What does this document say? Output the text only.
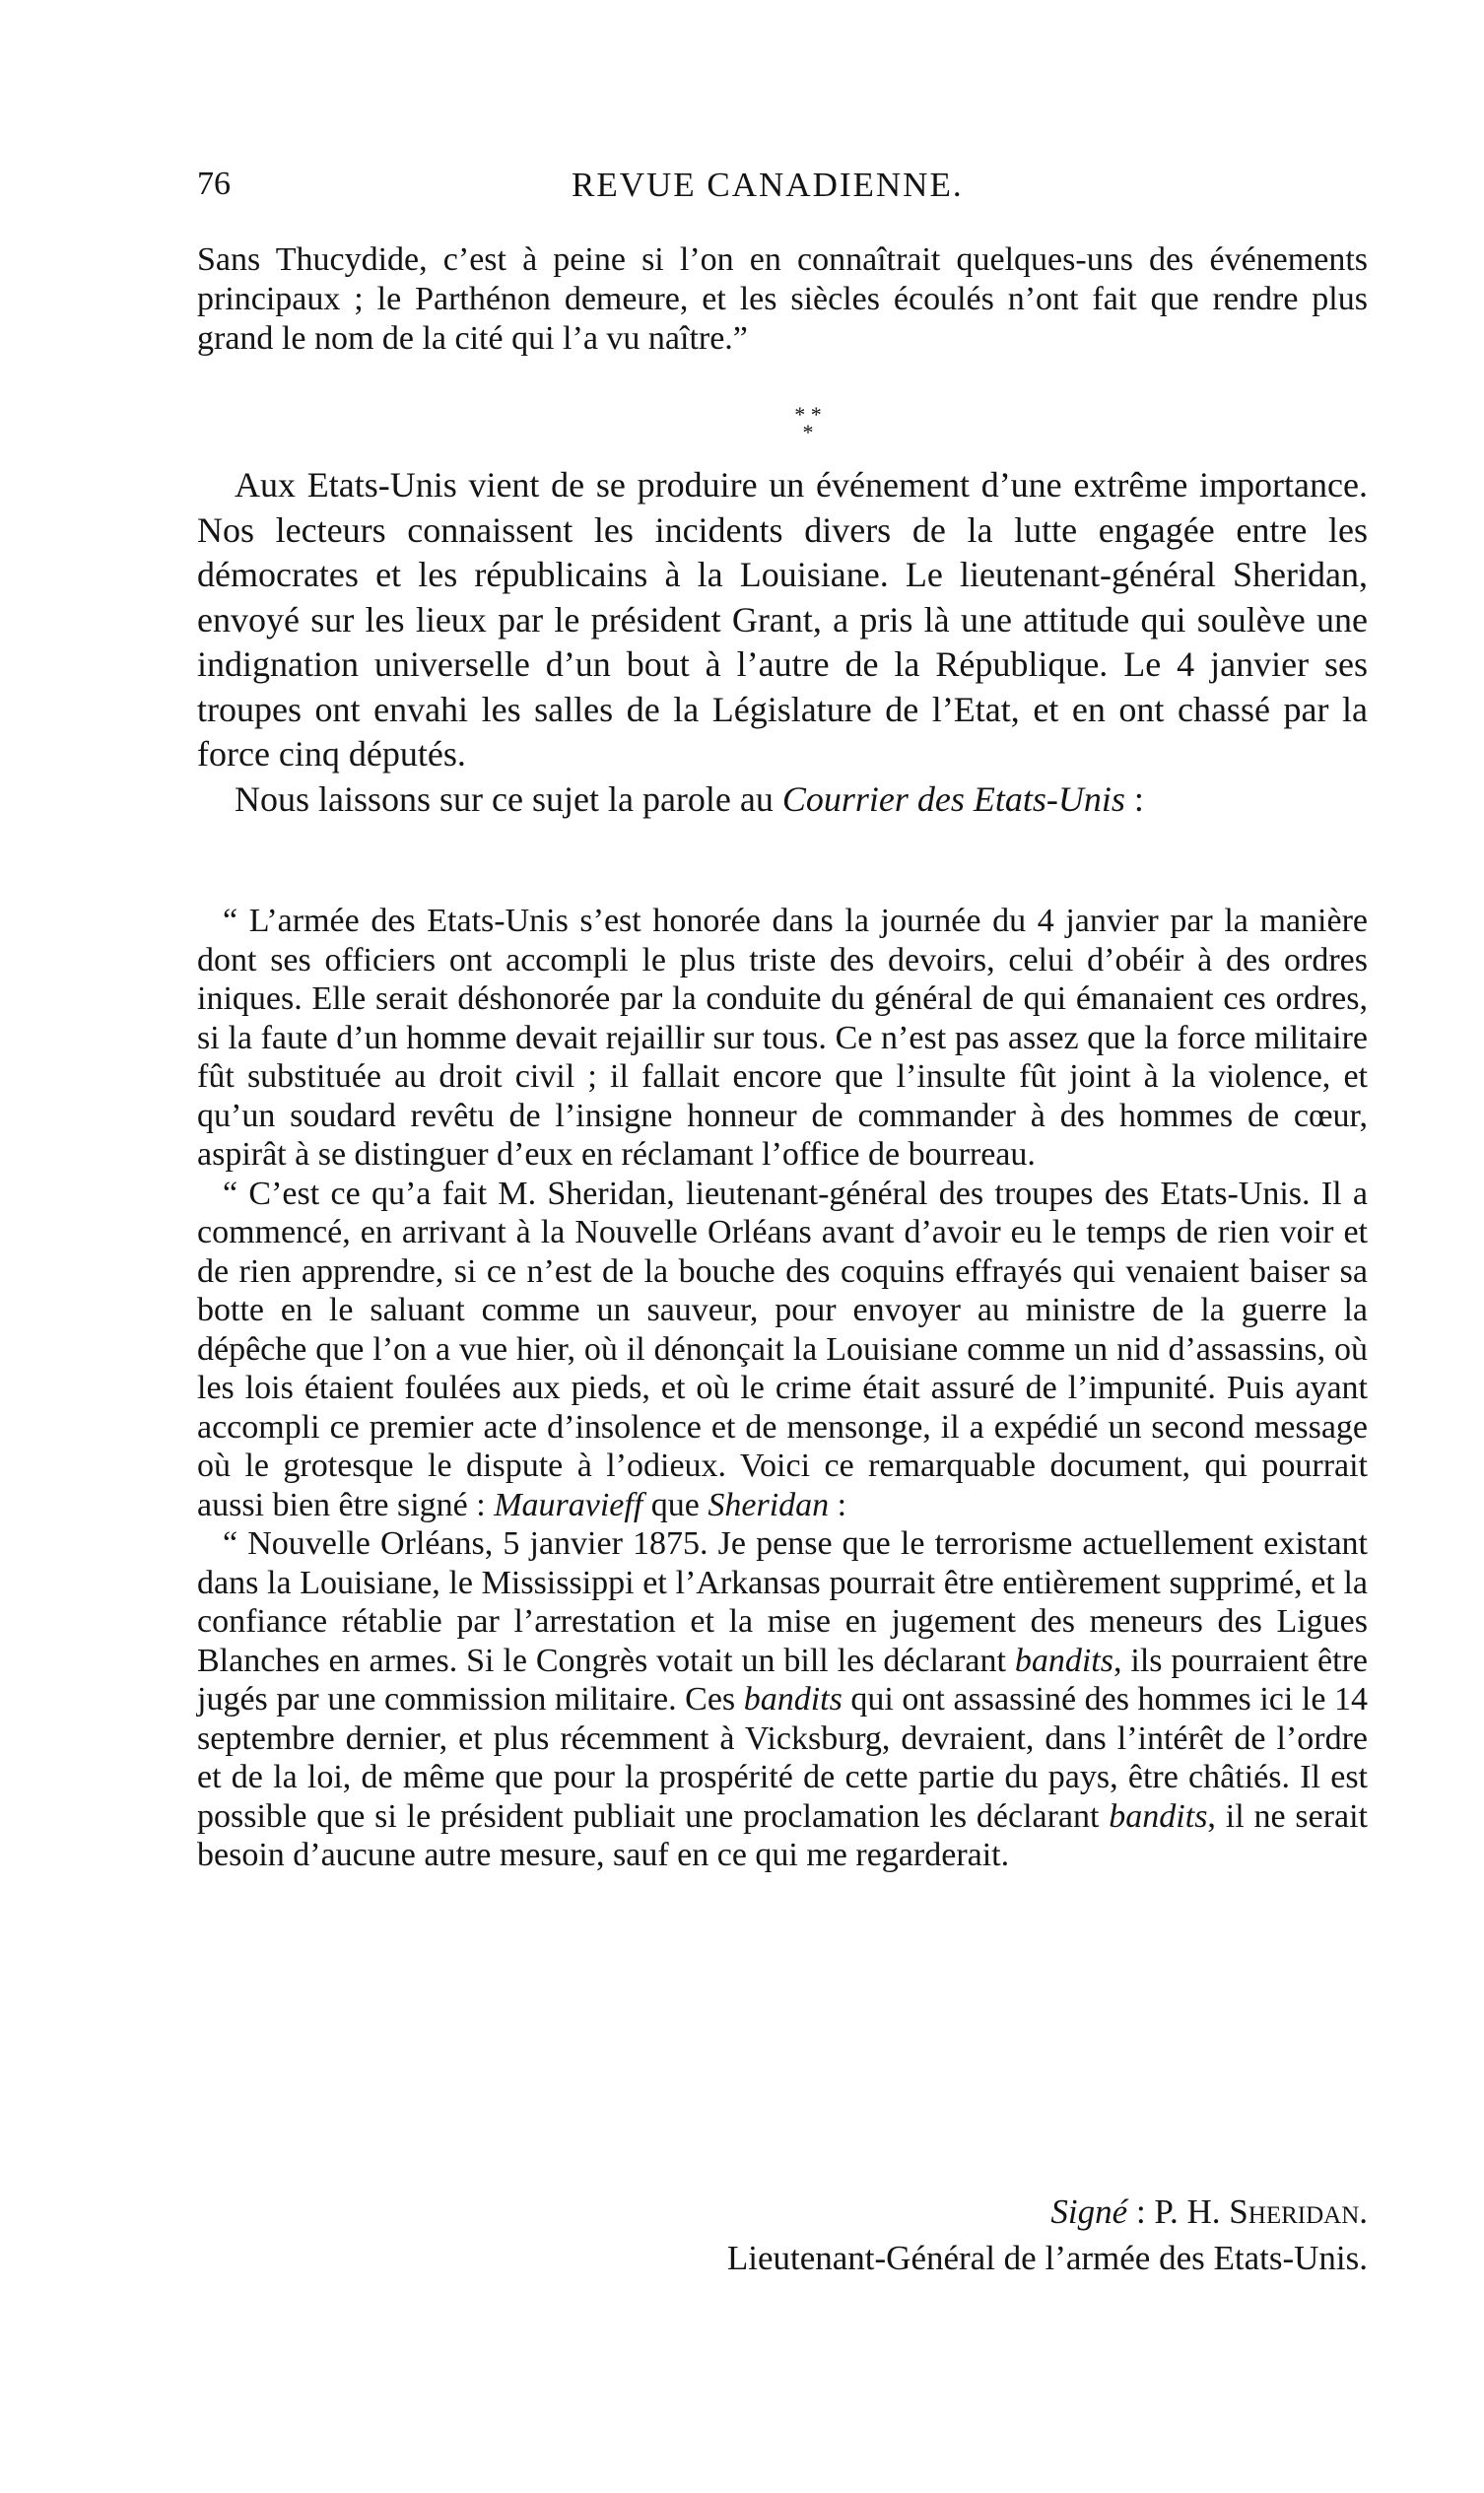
76	REVUE CANADIENNE.

Sans Thucydide, c’est à peine si l’on en connaîtrait quelques-uns des événements principaux ; le Parthénon demeure, et les siècles écoulés n’ont fait que rendre plus grand le nom de la cité qui l’a vu naître.”

* *
*

Aux Etats-Unis vient de se produire un événement d’une extrême importance. Nos lecteurs connaissent les incidents divers de la lutte engagée entre les démocrates et les républicains à la Louisiane. Le lieutenant-général Sheridan, envoyé sur les lieux par le président Grant, a pris là une attitude qui soulève une indignation universelle d’un bout à l’autre de la République. Le 4 janvier ses troupes ont envahi les salles de la Législature de l’Etat, et en ont chassé par la force cinq députés.

Nous laissons sur ce sujet la parole au Courrier des Etats-Unis :

“ L’armée des Etats-Unis s’est honorée dans la journée du 4 janvier par la manière dont ses officiers ont accompli le plus triste des devoirs, celui d’obéir à des ordres iniques. Elle serait déshonorée par la conduite du général de qui émanaient ces ordres, si la faute d’un homme devait rejaillir sur tous. Ce n’est pas assez que la force militaire fût substituée au droit civil ; il fallait encore que l’insulte fût joint à la violence, et qu’un soudard revêtu de l’insigne honneur de commander à des hommes de cœur, aspirât à se distinguer d’eux en réclamant l’office de bourreau.

“ C’est ce qu’a fait M. Sheridan, lieutenant-général des troupes des Etats-Unis. Il a commencé, en arrivant à la Nouvelle Orléans avant d’avoir eu le temps de rien voir et de rien apprendre, si ce n’est de la bouche des coquins effrayés qui venaient baiser sa botte en le saluant comme un sauveur, pour envoyer au ministre de la guerre la dépêche que l’on a vue hier, où il dénonçait la Louisiane comme un nid d’assassins, où les lois étaient foulées aux pieds, et où le crime était assuré de l’impunité. Puis ayant accompli ce premier acte d’insolence et de mensonge, il a expédié un second message où le grotesque le dispute à l’odieux. Voici ce remarquable document, qui pourrait aussi bien être signé : Mauravieff que Sheridan :

“ Nouvelle Orléans, 5 janvier 1875. Je pense que le terrorisme actuellement existant dans la Louisiane, le Mississippi et l’Arkansas pourrait être entièrement supprimé, et la confiance rétablie par l’arrestation et la mise en jugement des meneurs des Ligues Blanches en armes. Si le Congrès votait un bill les déclarant bandits, ils pourraient être jugés par une commission militaire. Ces bandits qui ont assassiné des hommes ici le 14 septembre dernier, et plus récemment à Vicksburg, devraient, dans l’intérêt de l’ordre et de la loi, de même que pour la prospérité de cette partie du pays, être châtiés. Il est possible que si le président publiait une proclamation les déclarant bandits, il ne serait besoin d’aucune autre mesure, sauf en ce qui me regarderait.

Signé : P. H. Sheridan.
Lieutenant-Général de l’armée des Etats-Unis.
